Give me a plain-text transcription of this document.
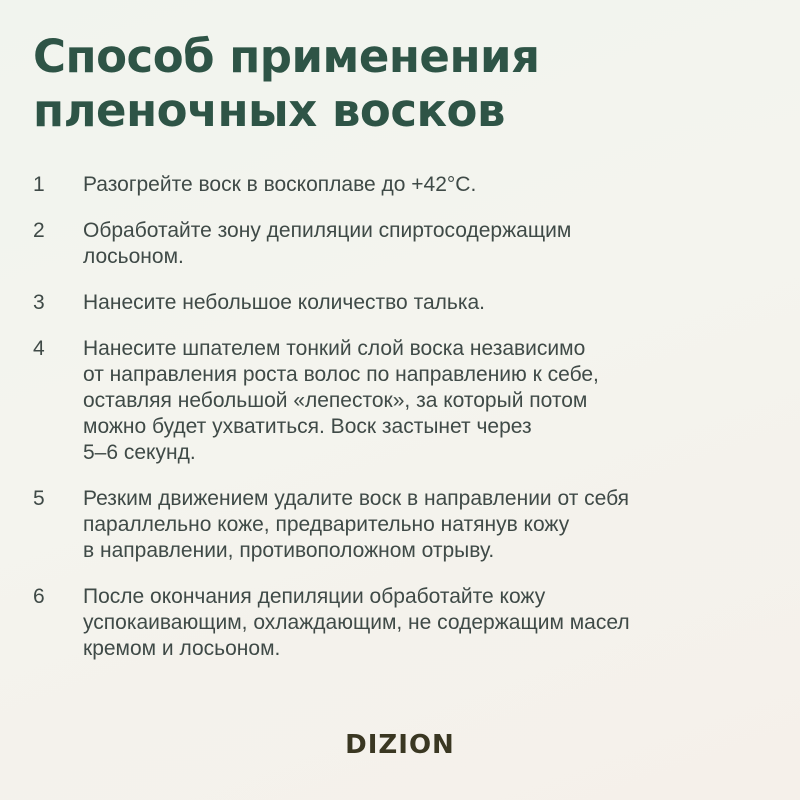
Способ применения
пленочных восков
1	Разогрейте воск в воскоплаве до +42°C.
2	Обработайте зону депиляции спиртосодержащим
лосьоном.
3	Нанесите небольшое количество талька.
4	Нанесите шпателем тонкий слой воска независимо
от направления роста волос по направлению к себе,
оставляя небольшой «лепесток», за который потом
можно будет ухватиться. Воск застынет через
5–6 секунд.
5	Резким движением удалите воск в направлении от себя
параллельно коже, предварительно натянув кожу
в направлении, противоположном отрыву.
6	После окончания депиляции обработайте кожу
успокаивающим, охлаждающим, не содержащим масел
кремом и лосьоном.
DIZION
